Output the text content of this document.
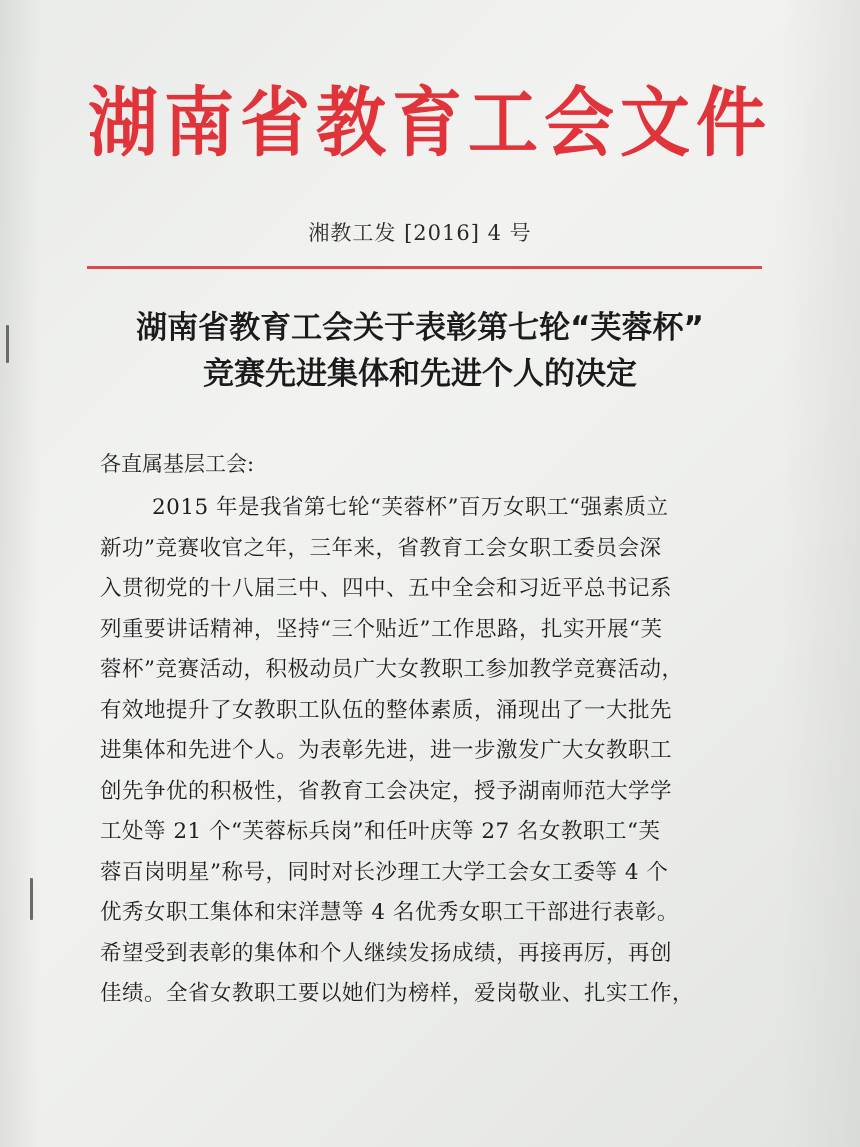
湖南省教育工会文件
湘教工发 [2016] 4 号
湖南省教育工会关于表彰第七轮“芙蓉杯”
竞赛先进集体和先进个人的决定
各直属基层工会:
2015 年是我省第七轮“芙蓉杯”百万女职工“强素质立
新功”竞赛收官之年，三年来，省教育工会女职工委员会深
入贯彻党的十八届三中、四中、五中全会和习近平总书记系
列重要讲话精神，坚持“三个贴近”工作思路，扎实开展“芙
蓉杯”竞赛活动，积极动员广大女教职工参加教学竞赛活动，
有效地提升了女教职工队伍的整体素质，涌现出了一大批先
进集体和先进个人。为表彰先进，进一步激发广大女教职工
创先争优的积极性，省教育工会决定，授予湖南师范大学学
工处等 21 个“芙蓉标兵岗”和任叶庆等 27 名女教职工“芙
蓉百岗明星”称号，同时对长沙理工大学工会女工委等 4 个
优秀女职工集体和宋洋慧等 4 名优秀女职工干部进行表彰。
希望受到表彰的集体和个人继续发扬成绩，再接再厉，再创
佳绩。全省女教职工要以她们为榜样，爱岗敬业、扎实工作，
